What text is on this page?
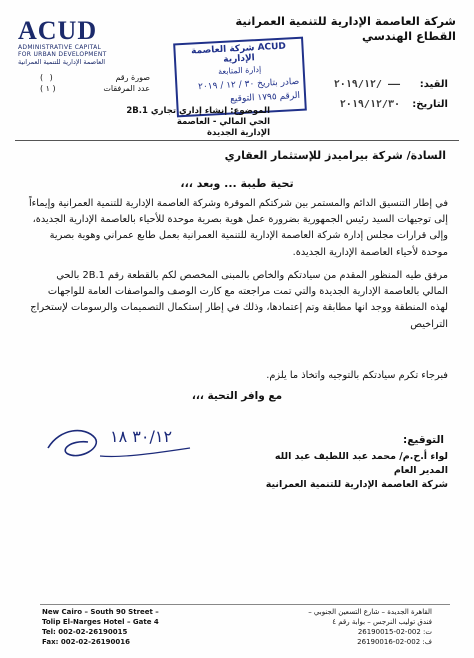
ACUD
ADMINISTRATIVE CAPITAL
FOR URBAN DEVELOPMENT
العاصمة الإدارية للتنمية العمرانية
شركة العاصمة الإدارية للتنمية العمرانية
القطاع الهندسي
ACUD شركة العاصمة الإدارية
إدارة المتابعة
صادر بتاريخ ٣٠ / ١٢ / ٢٠١٩
الرقم ١٧٩٥ التوقيع
صورة رقم
( )
عدد المرفقات
( ١ )	القيد:
٢٠١٩/١٢/ ——
التاريخ:
٢٠١٩/١٢/٣٠
الموضوع: إنشاء إداري تجاري 2B.1
الحي المالي - العاصمة
الإدارية الجديدة
السادة/ شركة بيراميدز للإستثمار العقاري
تحية طيبة ... وبعد ،،،
في إطار التنسيق الدائم والمستمر بين شركتكم الموقرة وشركة العاصمة الإدارية للتنمية العمرانية وإيماءاً إلى توجيهات السيد رئيس الجمهورية بضرورة عمل هوية بصرية موحدة للأحياء بالعاصمة الإدارية الجديدة، وإلى قرارات مجلس إدارة شركة العاصمة الإدارية للتنمية العمرانية بعمل طابع عمراني وهوية بصرية موحدة لأحياء العاصمة الإدارية الجديدة.
مرفق طيه المنظور المقدم من سيادتكم والخاص بالمبنى المخصص لكم بالقطعة رقم 2B.1 بالحي المالي بالعاصمة الإدارية الجديدة والتي تمت مراجعته مع كارت الوصف والمواصفات العامة للواجهات لهذه المنطقة ووجد انها مطابقة وتم إعتمادها، وذلك في إطار إستكمال التصميمات والرسومات لإستخراج التراخيص
فبرجاء تكرم سيادتكم بالتوجيه واتخاذ ما يلزم.
مع وافر التحية ،،،
٣٠/١٢ ١٨	التوقيع:
لواء أ.ح.م/ محمد عبد اللطيف عبد الله
المدير العام
شركة العاصمة الإدارية للتنمية العمرانية
New Cairo – South 90 Street –
Tolip El-Narges Hotel – Gate 4
Tel: 002-02-26190015
Fax: 002-02-26190016
القاهرة الجديدة – شارع التسعين الجنوبي –
فندق توليب النرجس – بوابة رقم ٤
ت: 002-02-26190015
ف: 002-02-26190016
